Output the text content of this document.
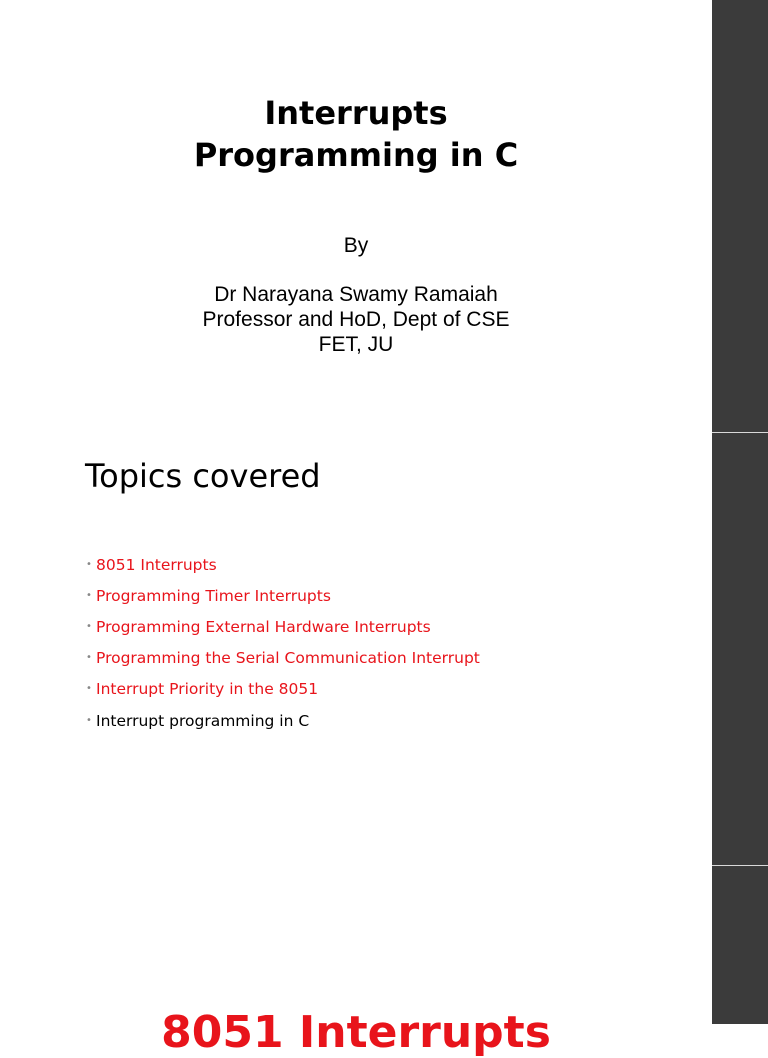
Interrupts
Programming in C
By
Dr Narayana Swamy Ramaiah
Professor and HoD, Dept of CSE
FET, JU
Topics covered
• 8051 Interrupts
• Programming Timer Interrupts
• Programming External Hardware Interrupts
• Programming the Serial Communication Interrupt
• Interrupt Priority in the 8051
• Interrupt programming in C
8051 Interrupts
